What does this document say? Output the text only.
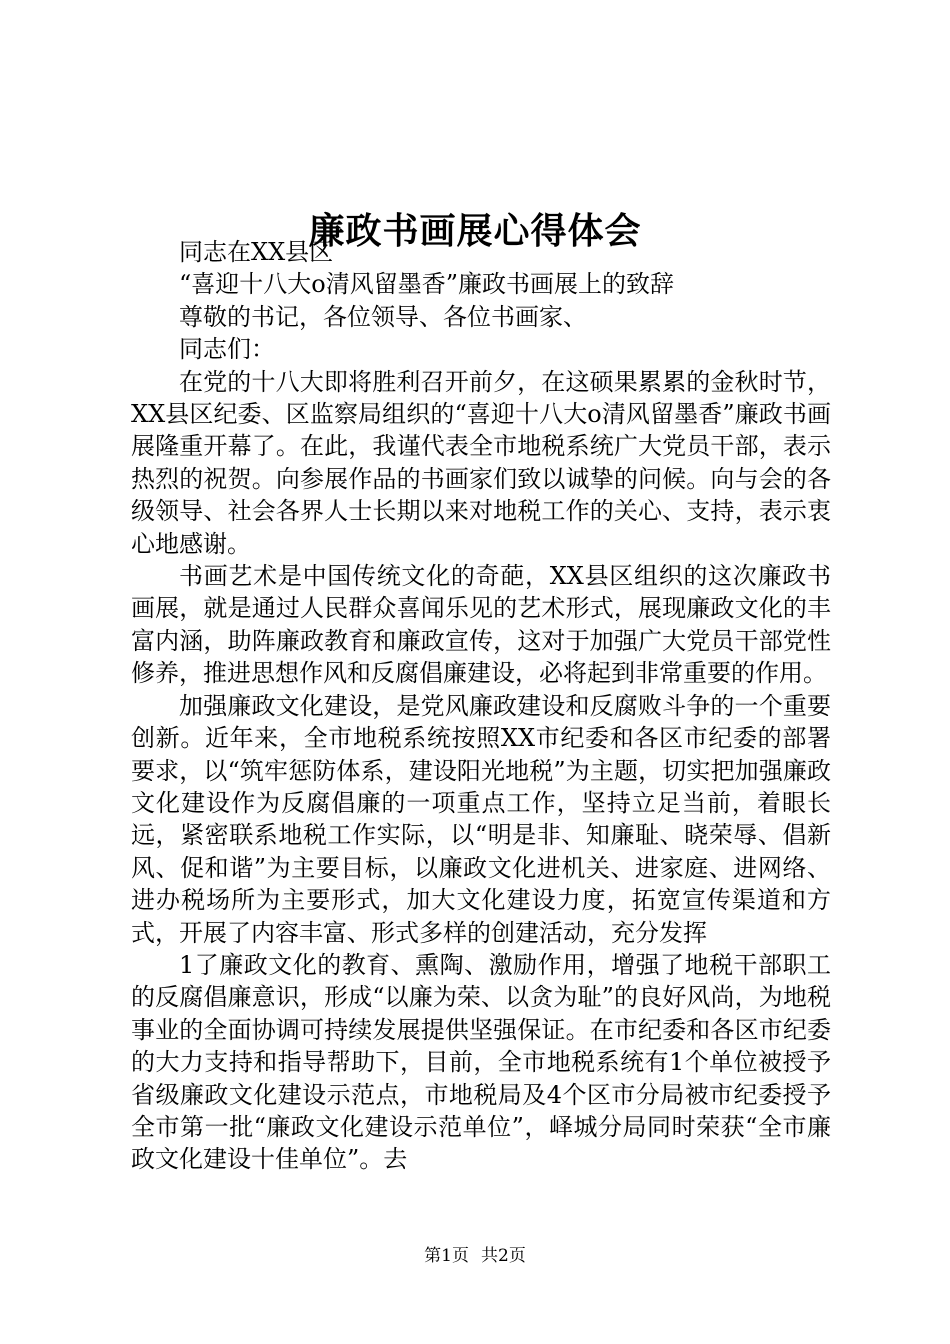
廉政书画展心得体会

同志在XX县区

“喜迎十八大o清风留墨香”廉政书画展上的致辞

尊敬的书记，各位领导、各位书画家、

同志们：

在党的十八大即将胜利召开前夕，在这硕果累累的金秋时节，XX县区纪委、区监察局组织的“喜迎十八大o清风留墨香”廉政书画展隆重开幕了。在此，我谨代表全市地税系统广大党员干部，表示热烈的祝贺。向参展作品的书画家们致以诚挚的问候。向与会的各级领导、社会各界人士长期以来对地税工作的关心、支持，表示衷心地感谢。

书画艺术是中国传统文化的奇葩，XX县区组织的这次廉政书画展，就是通过人民群众喜闻乐见的艺术形式，展现廉政文化的丰富内涵，助阵廉政教育和廉政宣传，这对于加强广大党员干部党性修养，推进思想作风和反腐倡廉建设，必将起到非常重要的作用。

加强廉政文化建设，是党风廉政建设和反腐败斗争的一个重要创新。近年来，全市地税系统按照XX市纪委和各区市纪委的部署要求，以“筑牢惩防体系，建设阳光地税”为主题，切实把加强廉政文化建设作为反腐倡廉的一项重点工作，坚持立足当前，着眼长远，紧密联系地税工作实际，以“明是非、知廉耻、晓荣辱、倡新风、促和谐”为主要目标，以廉政文化进机关、进家庭、进网络、进办税场所为主要形式，加大文化建设力度，拓宽宣传渠道和方式，开展了内容丰富、形式多样的创建活动，充分发挥

1了廉政文化的教育、熏陶、激励作用，增强了地税干部职工的反腐倡廉意识，形成“以廉为荣、以贪为耻”的良好风尚，为地税事业的全面协调可持续发展提供坚强保证。在市纪委和各区市纪委的大力支持和指导帮助下，目前，全市地税系统有1个单位被授予省级廉政文化建设示范点，市地税局及4个区市分局被市纪委授予全市第一批“廉政文化建设示范单位”，峄城分局同时荣获“全市廉政文化建设十佳单位”。去

第1页 共2页
